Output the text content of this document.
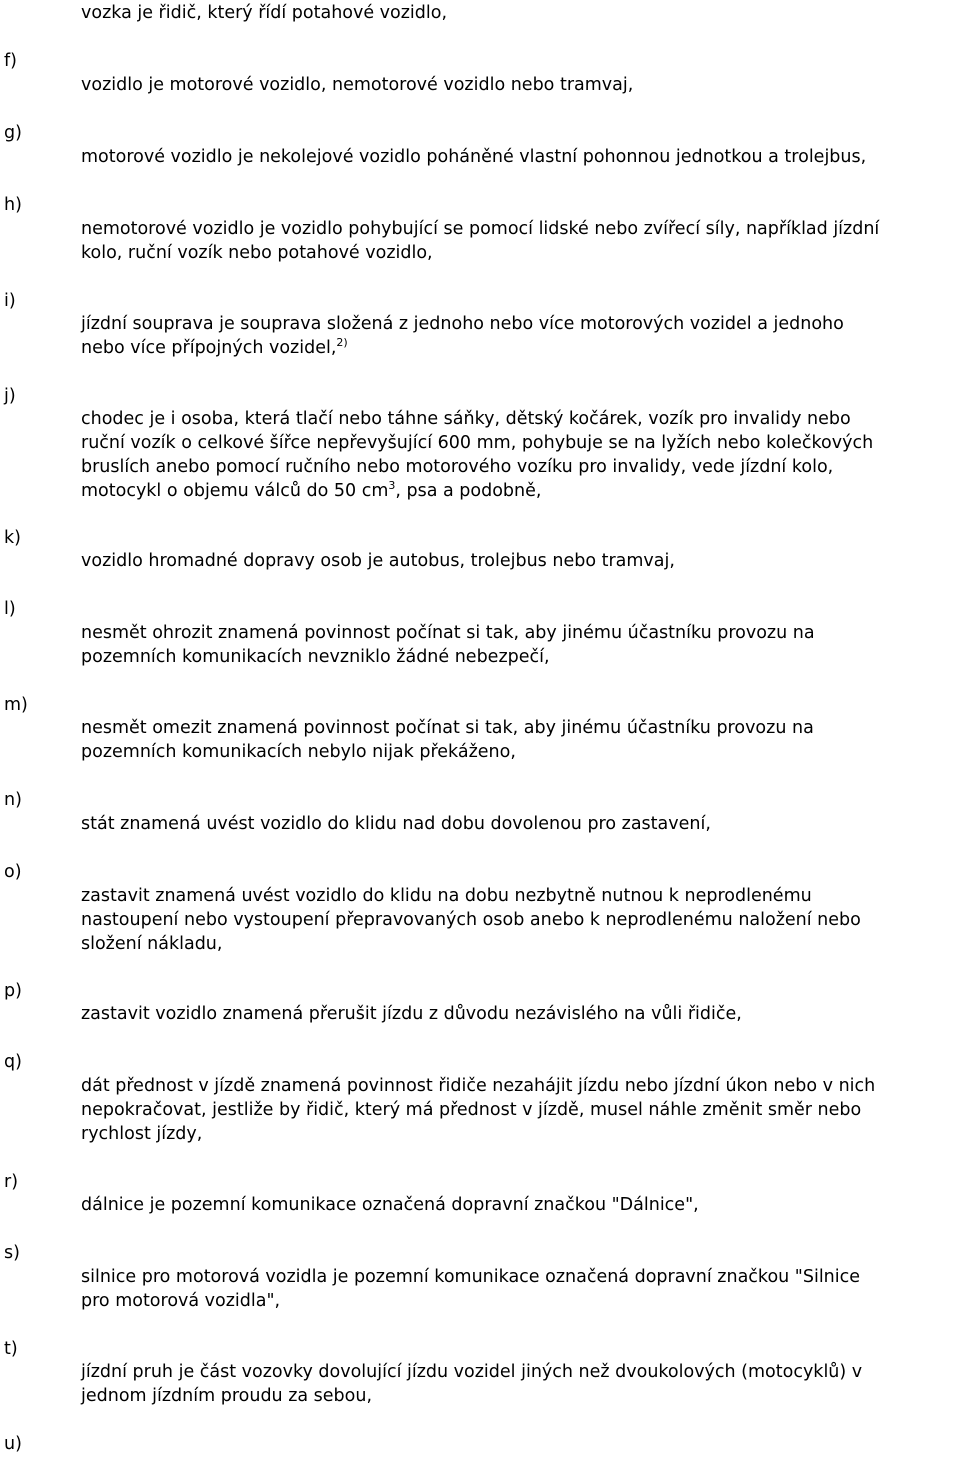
vozka je řidič, který řídí potahové vozidlo,

f)

vozidlo je motorové vozidlo, nemotorové vozidlo nebo tramvaj,

g)

motorové vozidlo je nekolejové vozidlo poháněné vlastní pohonnou jednotkou a trolejbus,

h)

nemotorové vozidlo je vozidlo pohybující se pomocí lidské nebo zvířecí síly, například jízdní
kolo, ruční vozík nebo potahové vozidlo,

i)

jízdní souprava je souprava složená z jednoho nebo více motorových vozidel a jednoho
nebo více přípojných vozidel,$^{2)}$

j)

chodec je i osoba, která tlačí nebo táhne sáňky, dětský kočárek, vozík pro invalidy nebo
ruční vozík o celkové šířce nepřevyšující 600 mm, pohybuje se na lyžích nebo kolečkových
bruslích anebo pomocí ručního nebo motorového vozíku pro invalidy, vede jízdní kolo,
motocykl o objemu válců do 50 $cm^3$, psa a podobně,

k)

vozidlo hromadné dopravy osob je autobus, trolejbus nebo tramvaj,

l)

nesmět ohrozit znamená povinnost počínat si tak, aby jinému účastníku provozu na
pozemních komunikacích nevzniklo žádné nebezpečí,

m)

nesmět omezit znamená povinnost počínat si tak, aby jinému účastníku provozu na
pozemních komunikacích nebylo nijak překáženo,

n)

stát znamená uvést vozidlo do klidu nad dobu dovolenou pro zastavení,

o)

zastavit znamená uvést vozidlo do klidu na dobu nezbytně nutnou k neprodlenému
nastoupení nebo vystoupení přepravovaných osob anebo k neprodlenému naložení nebo
složení nákladu,

p)

zastavit vozidlo znamená přerušit jízdu z důvodu nezávislého na vůli řidiče,

q)

dát přednost v jízdě znamená povinnost řidiče nezahájit jízdu nebo jízdní úkon nebo v nich
nepokračovat, jestliže by řidič, který má přednost v jízdě, musel náhle změnit směr nebo
rychlost jízdy,

r)

dálnice je pozemní komunikace označená dopravní značkou "Dálnice",

s)

silnice pro motorová vozidla je pozemní komunikace označená dopravní značkou "Silnice
pro motorová vozidla",

t)

jízdní pruh je část vozovky dovolující jízdu vozidel jiných než dvoukolových (motocyklů) v
jednom jízdním proudu za sebou,

u)
